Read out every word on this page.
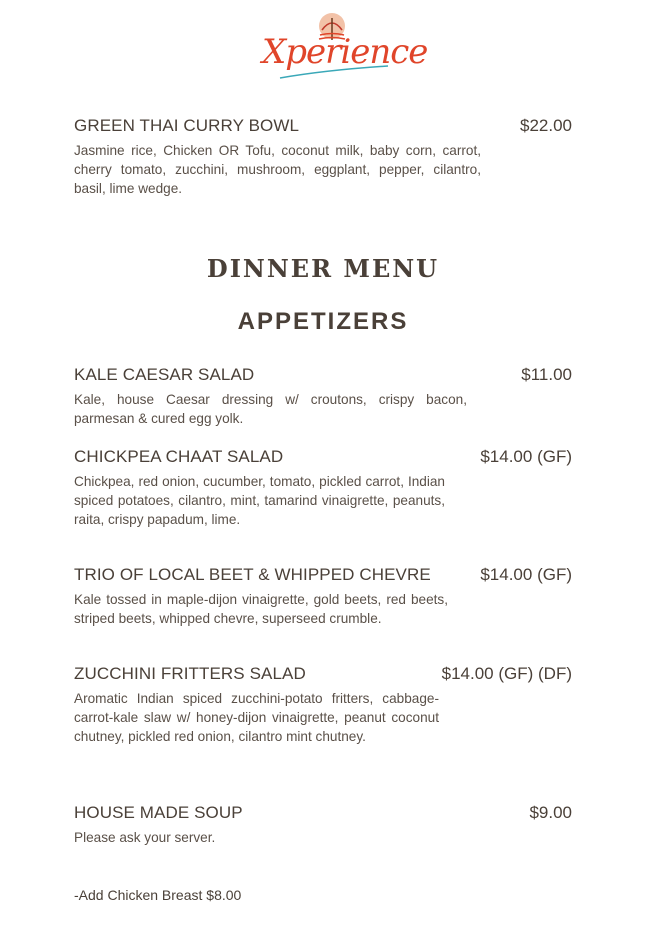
Xperience
GREEN THAI CURRY BOWL	$22.00
Jasmine rice, Chicken OR Tofu, coconut milk, baby corn, carrot, cherry tomato, zucchini, mushroom, eggplant, pepper, cilantro, basil, lime wedge.
DINNER MENU
APPETIZERS
KALE CAESAR SALAD	$11.00
Kale, house Caesar dressing w/ croutons, crispy bacon, parmesan & cured egg yolk.
CHICKPEA CHAAT SALAD	$14.00 (GF)
Chickpea, red onion, cucumber, tomato, pickled carrot, Indian spiced potatoes, cilantro, mint, tamarind vinaigrette, peanuts, raita, crispy papadum, lime.
TRIO OF LOCAL BEET & WHIPPED CHEVRE	$14.00 (GF)
Kale tossed in maple-dijon vinaigrette, gold beets, red beets, striped beets, whipped chevre, superseed crumble.
ZUCCHINI FRITTERS SALAD	$14.00 (GF) (DF)
Aromatic Indian spiced zucchini-potato fritters, cabbage-carrot-kale slaw w/ honey-dijon vinaigrette, peanut coconut chutney, pickled red onion, cilantro mint chutney.
HOUSE MADE SOUP	$9.00
Please ask your server.
-Add Chicken Breast $8.00
